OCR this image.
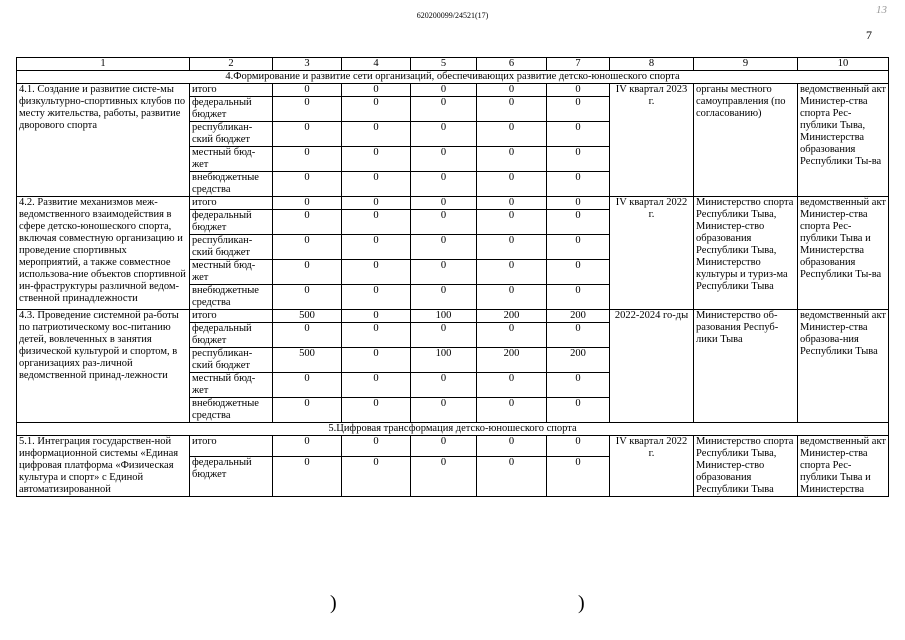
620200099/24521(17)	13
7
1	2	3	4	5	6	7	8	9	10
4.Формирование и развитие сети организаций, обеспечивающих развитие детско-юношеского спорта									
4.1. Создание и развитие систе-мы физкультурно-спортивных клубов по месту жительства, работы, развитие дворового спорта	итого	0	0	0	0	0	IV квартал 2023 г.	органы местного самоуправления (по согласованию)	ведомственный акт Министер-ства спорта Рес-публики Тыва, Министерства образования Республики Ты-ва
	федеральный бюджет	0	0	0	0	0			
	республикан-ский бюджет	0	0	0	0	0			
	местный бюд-жет	0	0	0	0	0			
	внебюджетные средства	0	0	0	0	0			
4.2. Развитие механизмов меж-ведомственного взаимодействия в сфере детско-юношеского спорта, включая совместную организацию и проведение спортивных мероприятий, а также совместное использова-ние объектов спортивной ин-фраструктуры различной ведом-ственной принадлежности	итого	0	0	0	0	0	IV квартал 2022 г.	Министерство спорта Республики Тыва, Министер-ство образования Республики Тыва, Министерство культуры и туриз-ма Республики Тыва	ведомственный акт Министер-ства спорта Рес-публики Тыва и Министерства образования Республики Ты-ва
	федеральный бюджет	0	0	0	0	0			
	республикан-ский бюджет	0	0	0	0	0			
	местный бюд-жет	0	0	0	0	0			
	внебюджетные средства	0	0	0	0	0			
4.3. Проведение системной ра-боты по патриотическому вос-питанию детей, вовлеченных в занятия физической культурой и спортом, в организациях раз-личной ведомственной принад-лежности	итого	500	0	100	200	200	2022-2024 го-ды	Министерство об-разования Респуб-лики Тыва	ведомственный акт Министер-ства образова-ния Республики Тыва
	федеральный бюджет	0	0	0	0	0			
	республикан-ский бюджет	500	0	100	200	200			
	местный бюд-жет	0	0	0	0	0			
	внебюджетные средства	0	0	0	0	0			
5.Цифровая трансформация детско-юношеского спорта									
5.1. Интеграция государствен-ной информационной системы «Единая цифровая платформа «Физическая культура и спорт» с Единой автоматизированной	итого	0	0	0	0	0	IV квартал 2022 г.	Министерство спорта Республики Тыва, Министер-ство образования Республики Тыва	ведомственный акт Министер-ства спорта Рес-публики Тыва и Министерства
	федеральный бюджет	0	0	0	0	0			
)	)
